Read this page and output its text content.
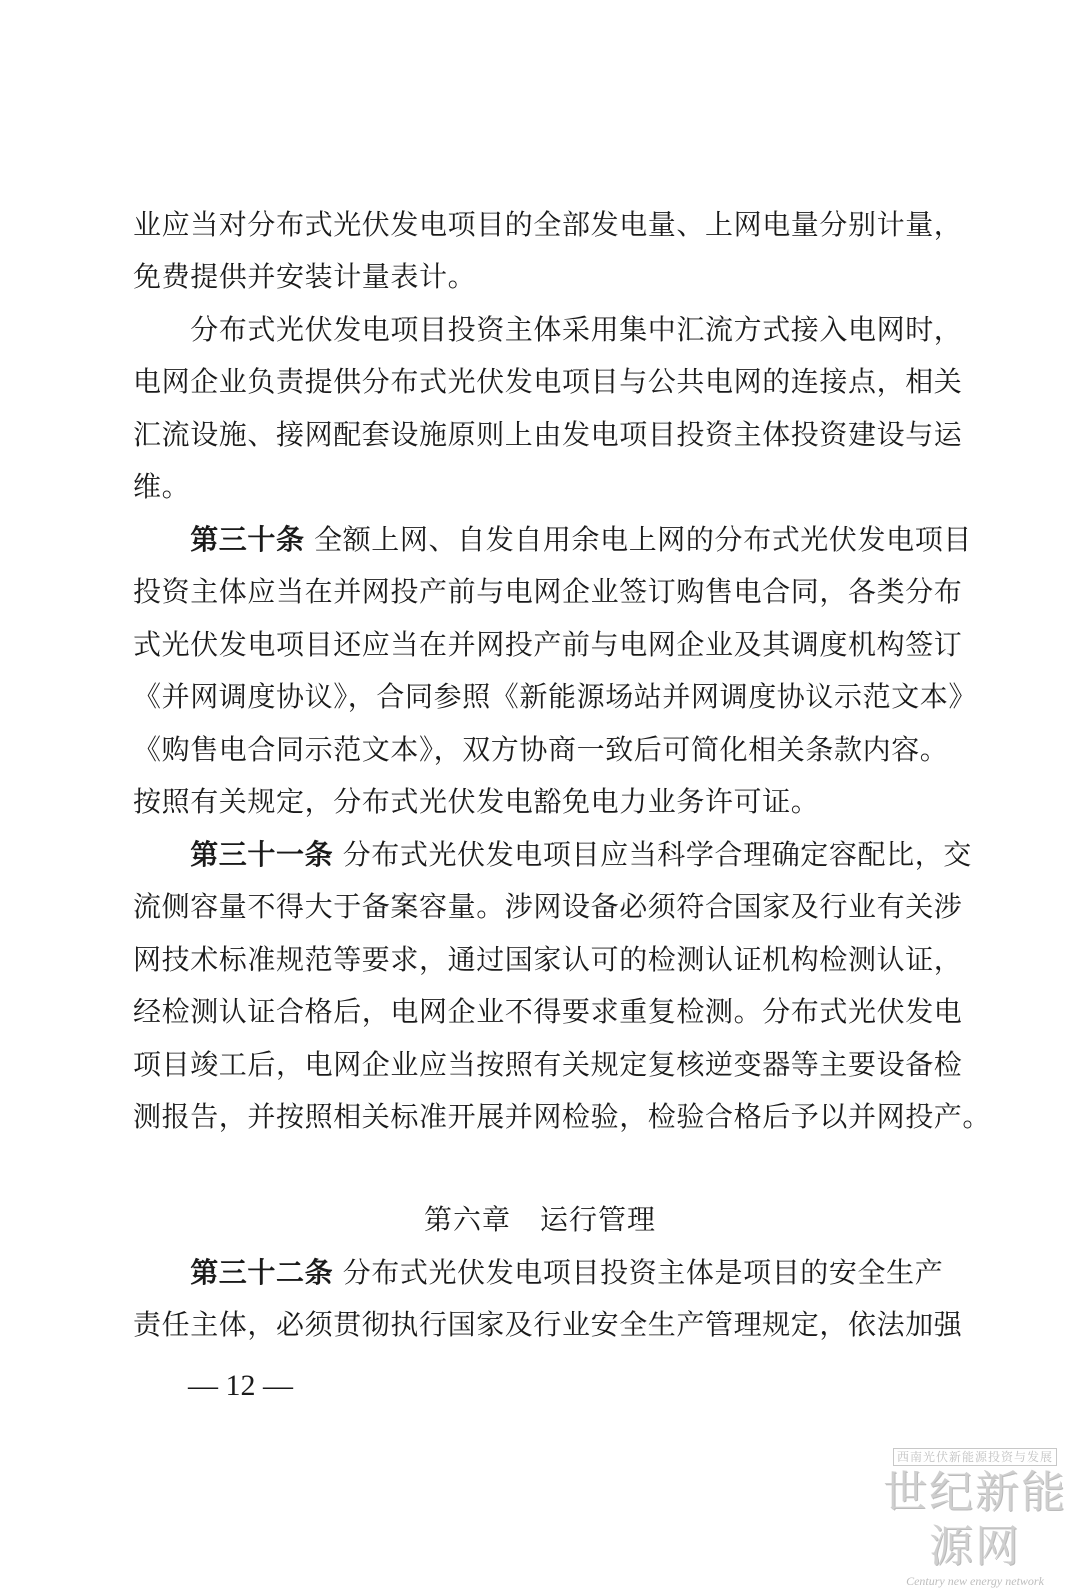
业应当对分布式光伏发电项目的全部发电量、上网电量分别计量，
免费提供并安装计量表计。
　　分布式光伏发电项目投资主体采用集中汇流方式接入电网时，
电网企业负责提供分布式光伏发电项目与公共电网的连接点，相关
汇流设施、接网配套设施原则上由发电项目投资主体投资建设与运
维。
　　第三十条 全额上网、自发自用余电上网的分布式光伏发电项目
投资主体应当在并网投产前与电网企业签订购售电合同，各类分布
式光伏发电项目还应当在并网投产前与电网企业及其调度机构签订
《并网调度协议》，合同参照《新能源场站并网调度协议示范文本》
《购售电合同示范文本》，双方协商一致后可简化相关条款内容。
按照有关规定，分布式光伏发电豁免电力业务许可证。
　　第三十一条 分布式光伏发电项目应当科学合理确定容配比，交
流侧容量不得大于备案容量。涉网设备必须符合国家及行业有关涉
网技术标准规范等要求，通过国家认可的检测认证机构检测认证，
经检测认证合格后，电网企业不得要求重复检测。分布式光伏发电
项目竣工后，电网企业应当按照有关规定复核逆变器等主要设备检
测报告，并按照相关标准开展并网检验，检验合格后予以并网投产。
第六章　运行管理
　　第三十二条 分布式光伏发电项目投资主体是项目的安全生产
责任主体，必须贯彻执行国家及行业安全生产管理规定，依法加强
— 12 —
西南光伏新能源投资与发展
世纪新能源网
Century new energy network
